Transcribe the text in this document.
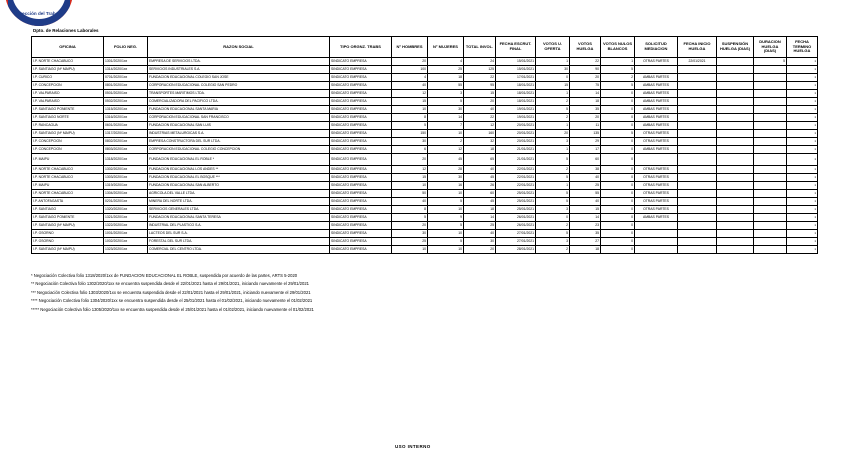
Dirección del Trabajo
Dpto. de Relaciones Laborales
OFICINA	FOLIO NEG.	RAZON SOCIAL	TIPO ORGNZ. TRABS	N° HOMBRES	N° MUJERES	TOTAL INVOL.	FECHA ESCRUT. FINAL	VOTOS U. OFERTA	VOTOS HUELGA	VOTOS NULOS BLANCOS	SOLICITUD MEDIACION	FECHA INICIO HUELGA	SUSPENSIÓN HUELGA (DIAS)	DURACION HUELGA (DIAS)	FECHA TERMINO HUELGA
I.P. NORTE CHACABUCO	1301/2020/1xx	EMPRESA DE SERVICIOS LTDA.	SINDICATO EMPRESA	20	4	24	15/01/2021	1	22	1	OTRAS PARTES	22/01/2021		5	1
I.P. SANTIAGO (Nº MAIPU)	1314/2020/1xx	SERVICIOS INDUSTRIALES S.A.	SINDICATO EMPRESA	100	25	125	15/01/2021	30	90	5					1
I.P. CURICO	0701/2020/1xx	FUNDACION EDUCACIONAL COLEGIO SAN JOSE	SINDICATO EMPRESA	4	18	22	17/01/2021	0	20	2	AMBAS PARTES				1
I.P. CONCEPCION	0801/2020/1xx	CORPORACION EDUCACIONAL COLEGIO SAN PEDRO	SINDICATO EMPRESA	40	55	95	18/01/2021	15	75	5	AMBAS PARTES				1
I.P. VALPARAISO	0501/2020/1xx	TRANSPORTES MARITIMOS LTDA.	SINDICATO EMPRESA	12	3	15	18/01/2021	1	14	0	AMBAS PARTES				1
I.P. VALPARAISO	0502/2020/1xx	COMERCIALIZADORA DEL PACIFICO LTDA.	SINDICATO EMPRESA	15	5	20	18/01/2021	2	18	0	AMBAS PARTES				1
I.P. SANTIAGO PONIENTE	1315/2020/1xx	FUNDACION EDUCACIONAL SANTA MARIA	SINDICATO EMPRESA	10	30	40	19/01/2021	5	35	0	AMBAS PARTES				1
I.P. SANTIAGO NORTE	1316/2020/1xx	CORPORACION EDUCACIONAL SAN FRANCISCO	SINDICATO EMPRESA	8	14	22	19/01/2021	2	20	0	AMBAS PARTES				1
I.P. RANCAGUA	0601/2020/1xx	FUNDACION EDUCACIONAL SAN LUIS	SINDICATO EMPRESA	5	7	12	20/01/2021	1	11	0	AMBAS PARTES				1
I.P. SANTIAGO (Nº MAIPU)	1317/2020/1xx	INDUSTRIAS METALURGICAS S.A.	SINDICATO EMPRESA	150	10	160	20/01/2021	20	135	5	OTRAS PARTES				1
I.P. CONCEPCION	0802/2020/1xx	EMPRESA CONSTRUCTORA DEL SUR LTDA.	SINDICATO EMPRESA	30	2	32	20/01/2021	3	29	0	OTRAS PARTES				1
I.P. CONCEPCION	0803/2020/1xx	CORPORACION EDUCACIONAL COLEGIO CONCEPCION	SINDICATO EMPRESA	6	12	18	21/01/2021	1	17	0	AMBAS PARTES				1
I.P. MAIPU	1318/2020/1xx	FUNDACION EDUCACIONAL EL ROBLE *	SINDICATO EMPRESA	20	45	65	21/01/2021	5	60	0					1
I.P. NORTE CHACABUCO	1302/2020/1xx	FUNDACION EDUCACIONAL LOS ANDES **	SINDICATO EMPRESA	12	28	40	22/01/2021	2	38	0	OTRAS PARTES				1
I.P. NORTE CHACABUCO	1303/2020/1xx	FUNDACION EDUCACIONAL EL BOSQUE ***	SINDICATO EMPRESA	15	30	45	22/01/2021	5	40	0	OTRAS PARTES				1
I.P. MAIPU	1319/2020/1xx	FUNDACION EDUCACIONAL SAN ALBERTO	SINDICATO EMPRESA	10	16	26	22/01/2021	1	25	0	OTRAS PARTES				1
I.P. NORTE CHACABUCO	1304/2020/1xx	AGRICOLA DEL VALLE LTDA.	SINDICATO EMPRESA	50	10	60	25/01/2021	5	55	0	OTRAS PARTES				1
I.P. ANTOFAGASTA	0201/2020/1xx	MINERA DEL NORTE LTDA.	SINDICATO EMPRESA	40	5	45	25/01/2021	5	40	0	OTRAS PARTES				1
I.P. SANTIAGO	1320/2020/1xx	SERVICIOS GENERALES LTDA.	SINDICATO EMPRESA	8	10	18	25/01/2021	3	15	0	OTRAS PARTES				1
I.P. SANTIAGO PONIENTE	1321/2020/1xx	FUNDACION EDUCACIONAL SANTA TERESA	SINDICATO EMPRESA	5	9	14	26/01/2021	0	14	0	AMBAS PARTES				1
I.P. SANTIAGO (Nº MAIPU)	1322/2020/1xx	INDUSTRIAL DEL PLASTICO S.A.	SINDICATO EMPRESA	20	5	25	26/01/2021	2	23	0					1
I.P. OSORNO	1001/2020/1xx	LACTEOS DEL SUR S.A.	SINDICATO EMPRESA	30	10	40	27/01/2021	5	35	0					1
I.P. OSORNO	1002/2020/1xx	FORESTAL DEL SUR LTDA.	SINDICATO EMPRESA	25	5	30	27/01/2021	3	27	0					1
I.P. SANTIAGO (Nº MAIPU)	1323/2020/1xx	COMERCIAL DEL CENTRO LTDA.	SINDICATO EMPRESA	10	10	20	28/01/2021	2	18	0					1
* Negociación Colectiva folio 1318/2020/1xx de FUNDACION EDUCACIONAL EL ROBLE, suspendida por acuerdo de las partes, ARTS 5-2020
** Negociación Colectiva folio 1302/2020/1xx se encuentra suspendida desde el 22/01/2021 hasta el 29/01/2021, iniciando nuevamente el 29/01/2021
*** Negociación Colectiva folio 1303/2020/1xx se encuentra suspendida desde el 22/01/2021 hasta el 29/01/2021, iniciando nuevamente el 29/01/2021
**** Negociación Colectiva folio 1304/2020/1xx se encuentra suspendida desde el 25/01/2021 hasta el 01/02/2021, iniciando nuevamente el 01/02/2021
***** Negociación Colectiva folio 1305/2020/1xx se encuentra suspendida desde el 25/01/2021 hasta el 01/02/2021, iniciando nuevamente el 01/02/2021
USO INTERNO
